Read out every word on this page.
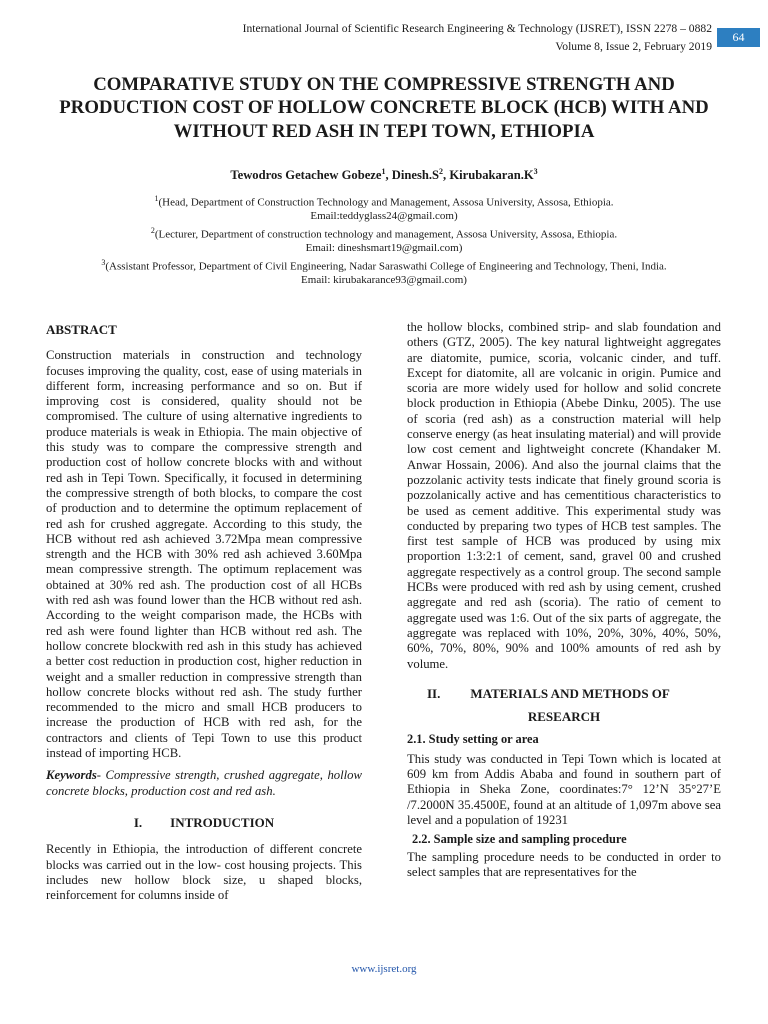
International Journal of Scientific Research Engineering & Technology (IJSRET), ISSN 2278 – 0882
Volume 8, Issue 2, February 2019
64
COMPARATIVE STUDY ON THE COMPRESSIVE STRENGTH AND PRODUCTION COST OF HOLLOW CONCRETE BLOCK (HCB) WITH AND WITHOUT RED ASH IN TEPI TOWN, ETHIOPIA
Tewodros Getachew Gobeze$^1$, $Dinesh.S^2$, $Kirubakaran.K^3$
$^1$(Head, Department of Construction Technology and Management, Assosa University, Assosa, Ethiopia.
Email:teddyglass24@gmail.com)
$^2$(Lecturer, Department of construction technology and management, Assosa University, Assosa, Ethiopia.
Email: dineshsmart19@gmail.com)
$^3$(Assistant Professor, Department of Civil Engineering, Nadar Saraswathi College of Engineering and Technology, Theni, India.
Email: kirubakarance93@gmail.com)
ABSTRACT

Construction materials in construction and technology focuses improving the quality, cost, ease of using materials in different form, increasing performance and so on. But if improving cost is considered, quality should not be compromised. The culture of using alternative ingredients to produce materials is weak in Ethiopia. The main objective of this study was to compare the compressive strength and production cost of hollow concrete blocks with and without red ash in Tepi Town. Specifically, it focused in determining the compressive strength of both blocks, to compare the cost of production and to determine the optimum replacement of red ash for crushed aggregate. According to this study, the HCB without red ash achieved 3.72Mpa mean compressive strength and the HCB with 30% red ash achieved 3.60Mpa mean compressive strength. The optimum replacement was obtained at 30% red ash. The production cost of all HCBs with red ash was found lower than the HCB without red ash. According to the weight comparison made, the HCBs with red ash were found lighter than HCB without red ash. The hollow concrete blockwith red ash in this study has achieved a better cost reduction in production cost, higher reduction in weight and a smaller reduction in compressive strength than hollow concrete blocks without red ash. The study further recommended to the micro and small HCB producers to increase the production of HCB with red ash, for the contractors and clients of Tepi Town to use this product instead of importing HCB.

Keywords- Compressive strength, crushed aggregate, hollow concrete blocks, production cost and red ash.

I. INTRODUCTION

Recently in Ethiopia, the introduction of different concrete blocks was carried out in the low- cost housing projects. This includes new hollow block size, u shaped blocks, reinforcement for columns inside of

the hollow blocks, combined strip- and slab foundation and others (GTZ, 2005). The key natural lightweight aggregates are diatomite, pumice, scoria, volcanic cinder, and tuff. Except for diatomite, all are volcanic in origin. Pumice and scoria are more widely used for hollow and solid concrete block production in Ethiopia (Abebe Dinku, 2005). The use of scoria (red ash) as a construction material will help conserve energy (as heat insulating material) and will provide low cost cement and lightweight concrete (Khandaker M. Anwar Hossain, 2006). And also the journal claims that the pozzolanic activity tests indicate that finely ground scoria is pozzolanically active and has cementitious characteristics to be used as cement additive. This experimental study was conducted by preparing two types of HCB test samples. The first test sample of HCB was produced by using mix proportion 1:3:2:1 of cement, sand, gravel 00 and crushed aggregate respectively as a control group. The second sample HCBs were produced with red ash by using cement, crushed aggregate and red ash (scoria). The ratio of cement to aggregate used was 1:6. Out of the six parts of aggregate, the aggregate was replaced with 10%, 20%, 30%, 40%, 50%, 60%, 70%, 80%, 90% and 100% amounts of red ash by volume.

II. MATERIALS AND METHODS OF
RESEARCH
2.1. Study setting or area

This study was conducted in Tepi Town which is located at 609 km from Addis Ababa and found in southern part of Ethiopia in Sheka Zone, coordinates:7° 12’N 35°27’E /7.2000N 35.4500E, found at an altitude of 1,097m above sea level and a population of 19231

2.2. Sample size and sampling procedure

The sampling procedure needs to be conducted in order to select samples that are representatives for the

www.ijsret.org
